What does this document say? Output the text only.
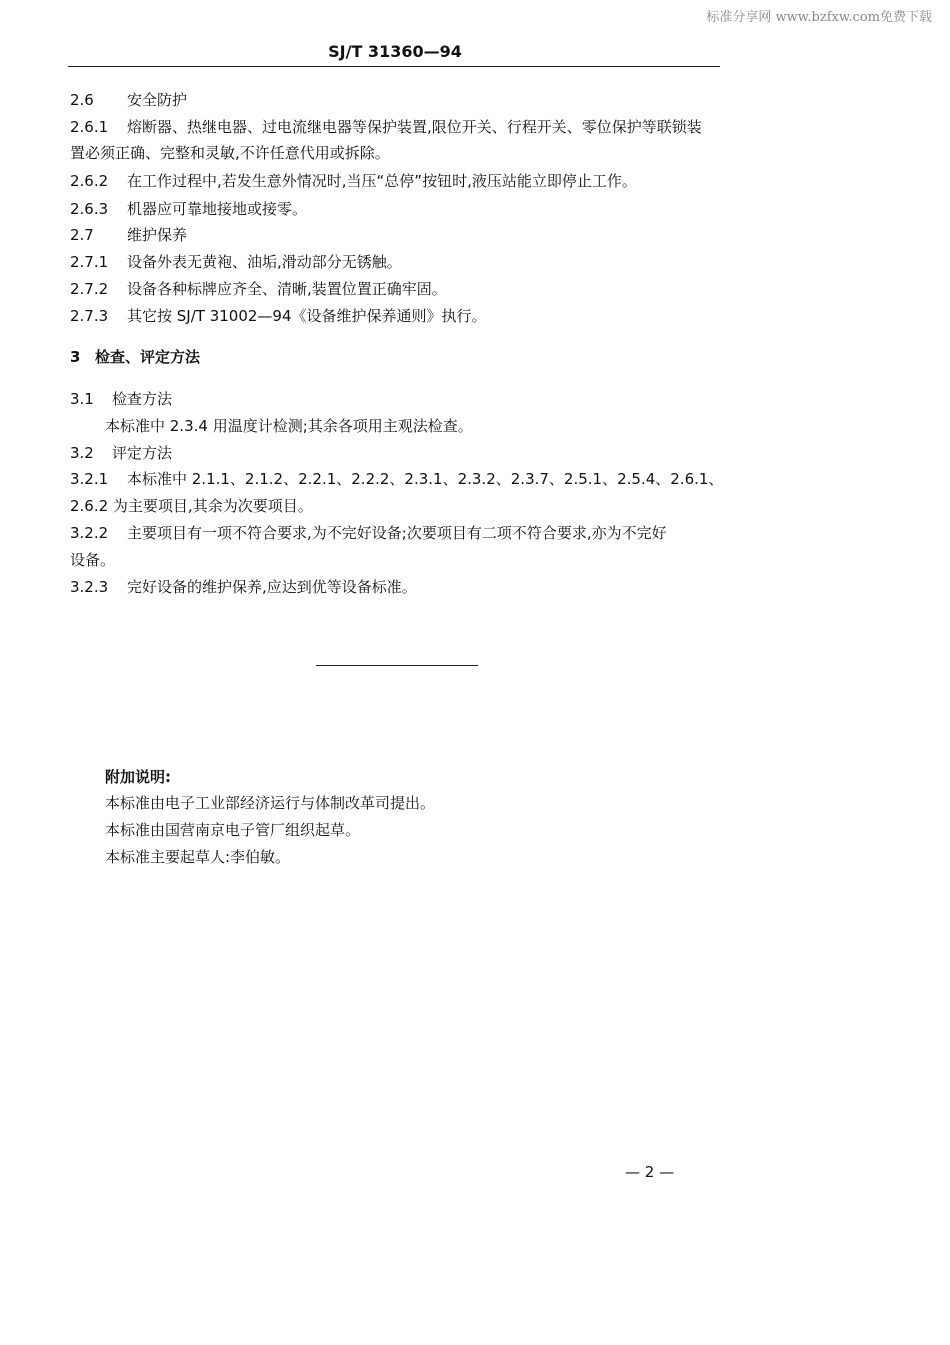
标准分享网 www.bzfxw.com免费下载
SJ/T 31360—94
2.6 安全防护
2.6.1 熔断器、热继电器、过电流继电器等保护装置,限位开关、行程开关、零位保护等联锁装
置必须正确、完整和灵敏,不许任意代用或拆除。
2.6.2 在工作过程中,若发生意外情况时,当压“总停”按钮时,液压站能立即停止工作。
2.6.3 机器应可靠地接地或接零。
2.7 维护保养
2.7.1 设备外表无黄袍、油垢,滑动部分无锈触。
2.7.2 设备各种标牌应齐全、清晰,装置位置正确牢固。
2.7.3 其它按 SJ/T 31002—94《设备维护保养通则》执行。
3 检查、评定方法
3.1 检查方法
本标准中 2.3.4 用温度计检测;其余各项用主观法检查。
3.2 评定方法
3.2.1 本标准中 2.1.1、2.1.2、2.2.1、2.2.2、2.3.1、2.3.2、2.3.7、2.5.1、2.5.4、2.6.1、
2.6.2 为主要项目,其余为次要项目。
3.2.2 主要项目有一项不符合要求,为不完好设备;次要项目有二项不符合要求,亦为不完好
设备。
3.2.3 完好设备的维护保养,应达到优等设备标准。
附加说明:
本标准由电子工业部经济运行与体制改革司提出。
本标准由国营南京电子管厂组织起草。
本标准主要起草人:李伯敏。
— 2 —
